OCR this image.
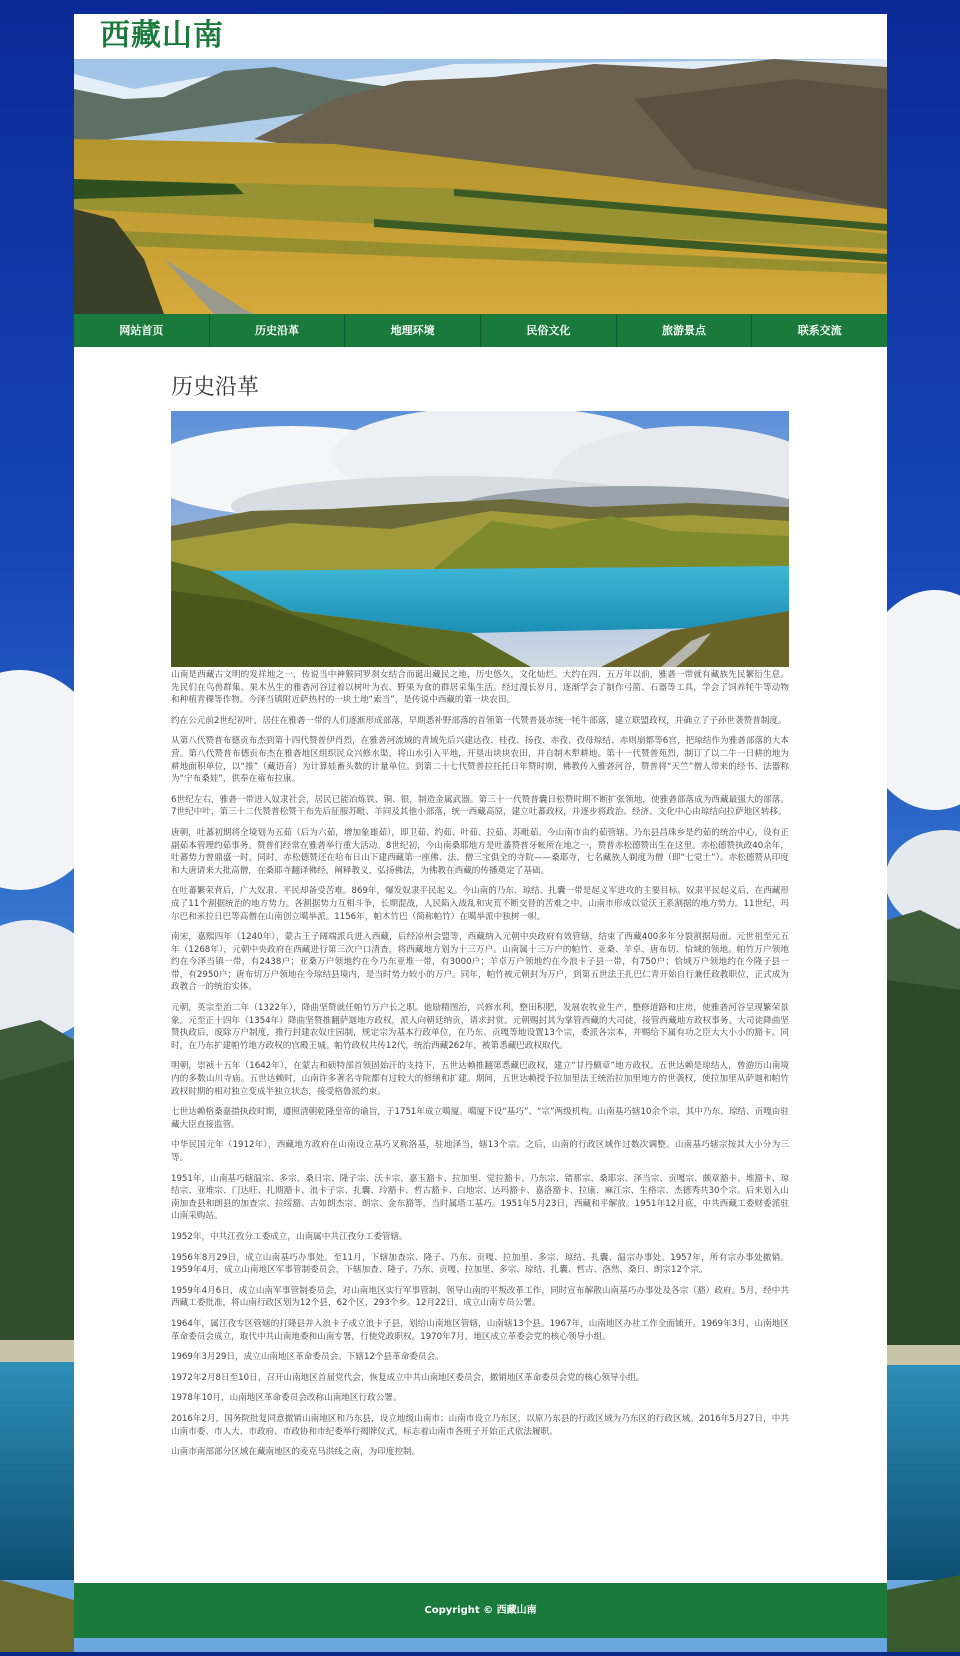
西藏山南
网站首页	历史沿革	地理环境	民俗文化	旅游景点	联系交流
历史沿革

山南是西藏古文明的发祥地之一，传说当中神猴同罗刹女结合而诞出藏民之地，历史悠久，文化灿烂。大约在四、五万年以前，雅砻一带就有藏族先民繁衍生息。先民们在鸟兽群集、果木丛生的雅砻河谷过着以树叶为衣、野果为食的群居采集生活。经过漫长岁月，逐渐学会了制作弓箭、石器等工具，学会了饲养牦牛等动物和种植青稞等作物。今泽当镇附近萨热村的一块土地“索当”，是传说中西藏的第一块农田。

约在公元前2世纪初叶，居住在雅砻一带的人们逐渐形成部落，早期悉补野部落的首领第一代赞普聂赤统一牦牛部落，建立联盟政权，并确立了子孙世袭赞普制度。

从第八代赞普布德贡布杰到第十四代赞普伊肖烈，在雅砻河流域的青域先后兴建达孜、桂孜、扬孜、赤孜、孜母琼结、赤则崩都等6宫，把琼结作为雅砻部落的大本营。第八代赞普布德贡布杰在雅砻地区组织民众兴修水渠，将山水引入平地，开垦出块块农田，并自制木犁耕地。第十一代赞普苑烈，制订了以二牛一日耕的地为耕地面积单位，以“推”（藏语音）为计算娃畜头数的计量单位。到第二十七代赞普拉托托日年赞时期，佛教传入雅砻河谷，赞普将“天竺”僧人带来的经书、法器称为“宁布桑娃”，供奉在雍布拉康。

6世纪左右，雅砻一带进入奴隶社会，居民已能冶炼铁、铜、银，制造金属武器。第三十一代赞普囊日松赞时期不断扩张领地，使雅砻部落成为西藏最强大的部落。7世纪中叶，第三十二代赞普松赞干布先后征服苏毗、羊同及其他小部落，统一西藏高原，建立吐蕃政权，并逐步将政治、经济、文化中心由琼结向拉萨地区转移。

唐朝，吐蕃初期将全境划为五茹（后为六茹，增加象雄茹），即卫茹、约茹、叶茹、拉茹、苏毗茹。今山南市由约茹管辖。乃东县昌珠乡是约茹的统治中心，设有正副茹本管理约茹事务。赞普们经常在雅砻举行重大活动。8世纪初，今山南桑耶地方是吐蕃赞普牙帐所在地之一，赞普赤松德赞出生在这里。赤松德赞执政40余年，吐蕃势力曾鼎盛一时。同时，赤松德赞还在哈布日山下建西藏第一座佛、法、僧三宝俱全的寺院——桑耶寺，七名藏族人剃度为僧（即“七觉士”）。赤松德赞从印度和大唐请来大批高僧，在桑耶寺翻译佛经，阐释教义，弘扬佛法，为佛教在西藏的传播奠定了基础。

在吐蕃繁荣背后，广大奴隶、平民却备受苦难。869年，爆发奴隶平民起义。今山南的乃东、琼结、扎囊一带是起义军进攻的主要目标。奴隶平民起义后，在西藏形成了11个割据统治的地方势力。各割据势力互相斗争，长期混战，人民陷入战乱和灾荒不断交替的苦难之中。山南市形成以觉沃王系割据的地方势力。11世纪，玛尔巴和米拉日巴等高僧在山南创立噶举派。1156年，帕木竹巴（简称帕竹）在噶举派中独树一帜。

南宋，嘉熙四年（1240年），蒙古王子阔端派兵进入西藏，后经凉州会盟等，西藏纳入元朝中央政府有效管辖，结束了西藏400多年分裂割据局面。元世祖至元五年（1268年），元朝中央政府在西藏进行第三次户口清查，将西藏地方划为十三万户。山南属十三万户的帕竹、亚桑、羊卓、唐布切、恰域的领地。帕竹万户领地约在今泽当镇一带，有2438户；亚桑万户领地约在今乃东亚堆一带，有3000户；羊卓万户领地约在今浪卡子县一带，有750户；恰域万户领地约在今隆子县一带，有2950户；唐布切万户领地在今琼结县境内，是当时势力较小的万户。同年，帕竹被元朝封为万户，到第五世法王扎巴仁青开始自行兼任政教职位，正式成为政教合一的统治实体。

元朝，英宗至治二年（1322年），降曲坚赞就任帕竹万户长之职。他励精图治，兴修水利，整田积肥，发展农牧业生产，整修道路和庄房，使雅砻河谷呈现繁荣景象。元至正十四年（1354年）降曲坚赞推翻萨迦地方政权，派人向朝廷纳贡，请求封赏。元朝赐封其为掌管西藏的大司徒，接管西藏地方政权事务。大司徒降曲坚赞执政后，废除万户制度，推行封建农奴庄园制，规定宗为基本行政单位，在乃东、贡嘎等地设置13个宗，委派各宗本，并赐给下属有功之臣大大小小的豁卡。同时，在乃东扩建帕竹地方政权的官殿王城。帕竹政权共传12代，统治西藏262年，被第悉藏巴政权取代。

明朝，崇祯十五年（1642年），在蒙古和硕特部首领固始汗的支持下，五世达赖推翻第悉藏巴政权，建立“甘丹颇章”地方政权。五世达赖是琼结人，曾游历山南境内的多数山川寺庙。五世达赖时，山南许多著名寺院都有过较大的修缮和扩建。期间，五世达赖授予拉加里法王统治拉加里地方的世袭权，使拉加里从萨迦和帕竹政权时期的相对独立变成半独立状态，接受格鲁派约束。

七世达赖格桑嘉措执政时期，遵照清朝乾隆皇帝的谕旨，于1751年成立噶厦。噶厦下设“基巧”、“宗”两级机构。山南基巧辖10余个宗，其中乃东、琼结、贡嘎由驻藏大臣直接监管。

中华民国元年（1912年），西藏地方政府在山南设立基巧叉称洛基，驻地泽当，辖13个宗。之后，山南的行政区域作过数次调整。山南基巧辖宗按其大小分为三等。

1951年，山南基巧辖温宗、多宗、桑日宗、隆子宗、沃卡宗、嘉玉豁卡、拉加里、觉拉豁卡、乃东宗、错那宗、桑耶宗、泽当宗、贡嘎宗、颇章豁卡、堆豁卡、琼结宗、亚堆宗、门达旺、扎期豁卡、浪卡子宗、扎囊、玲豁卡、哲古豁卡、白地宗、达玛豁卡、嘉洛豁卡、拉康、麻江宗、生格宗、杰德秀共30个宗。后来划入山南加查县和朗县的加查宗、拉绥豁、古如朗杰宗、朗宗、金东豁等，当时属塔工基巧。1951年5月23日，西藏和平解放。1951年12月底，中共西藏工委财委派驻山南采购站。

1952年，中共江孜分工委成立，山南属中共江孜分工委管辖。

1956年8月29日，成立山南基巧办事处。至11月，下辖加查宗、隆子、乃东、贡嘎、拉加里、多宗、琼结、扎囊、温宗办事处。1957年，所有宗办事处撤销。1959年4月，成立山南地区军事管制委员会，下辖加查、隆子、乃东、贡嘎、拉加里、多宗、琼结、扎囊、哲古、洛然、桑日、朗宗12个宗。

1959年4月6日，成立山南军事管制委员会，对山南地区实行军事管制，领导山南的平叛改革工作，同时宣布解散山南基巧办事处及各宗（豁）政府。5月，经中共西藏工委批准，将山南行政区划为12个县，62个区，293个乡。12月22日，成立山南专员公署。

1964年，属江孜专区管辖的打隆县并入浪卡子成立浪卡子县，划给山南地区管辖，山南辖13个县。1967年，山南地区办社工作全面铺开。1969年3月，山南地区革命委员会成立，取代中共山南地委和山南专署，行使党政职权。1970年7月，地区成立革委会党的核心领导小组。

1969年3月29日，成立山南地区革命委员会。下辖12个县革命委员会。

1972年2月8日至10日，召开山南地区首届党代会，恢复成立中共山南地区委员会，撤销地区革命委员会党的核心领导小组。

1978年10月，山南地区革命委员会改称山南地区行政公署。

2016年2月，国务院批复同意撤销山南地区和乃东县，设立地级山南市；山南市设立乃东区，以原乃东县的行政区域为乃东区的行政区域。2016年5月27日，中共山南市委、市人大、市政府、市政协和市纪委举行揭牌仪式，标志着山南市各班子开始正式依法履职。

山南市南部部分区域在藏南地区的麦克马洪线之南，为印度控制。

Copyright © 西藏山南
